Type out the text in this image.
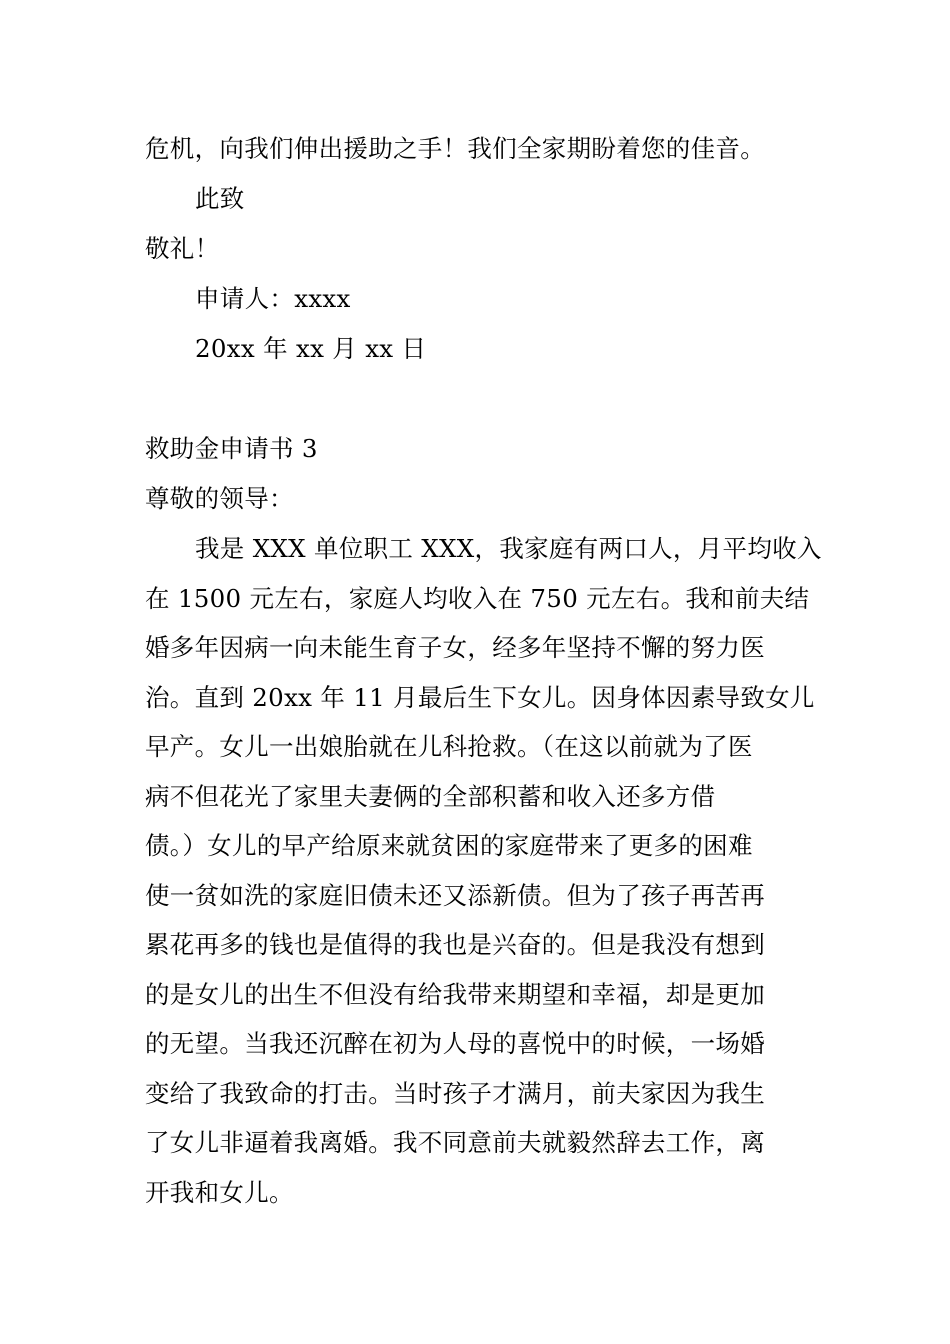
危机，向我们伸出援助之手！我们全家期盼着您的佳音。
此致
敬礼！
申请人：xxxx
20xx 年 xx 月 xx 日
救助金申请书 3
尊敬的领导：
我是 XXX 单位职工 XXX，我家庭有两口人，月平均收入
在 1500 元左右，家庭人均收入在 750 元左右。我和前夫结
婚多年因病一向未能生育子女，经多年坚持不懈的努力医
治。直到 20xx 年 11 月最后生下女儿。因身体因素导致女儿
早产。女儿一出娘胎就在儿科抢救。（在这以前就为了医
病不但花光了家里夫妻俩的全部积蓄和收入还多方借
债。）女儿的早产给原来就贫困的家庭带来了更多的困难
使一贫如洗的家庭旧债未还又添新债。但为了孩子再苦再
累花再多的钱也是值得的我也是兴奋的。但是我没有想到
的是女儿的出生不但没有给我带来期望和幸福，却是更加
的无望。当我还沉醉在初为人母的喜悦中的时候，一场婚
变给了我致命的打击。当时孩子才满月，前夫家因为我生
了女儿非逼着我离婚。我不同意前夫就毅然辞去工作，离
开我和女儿。
